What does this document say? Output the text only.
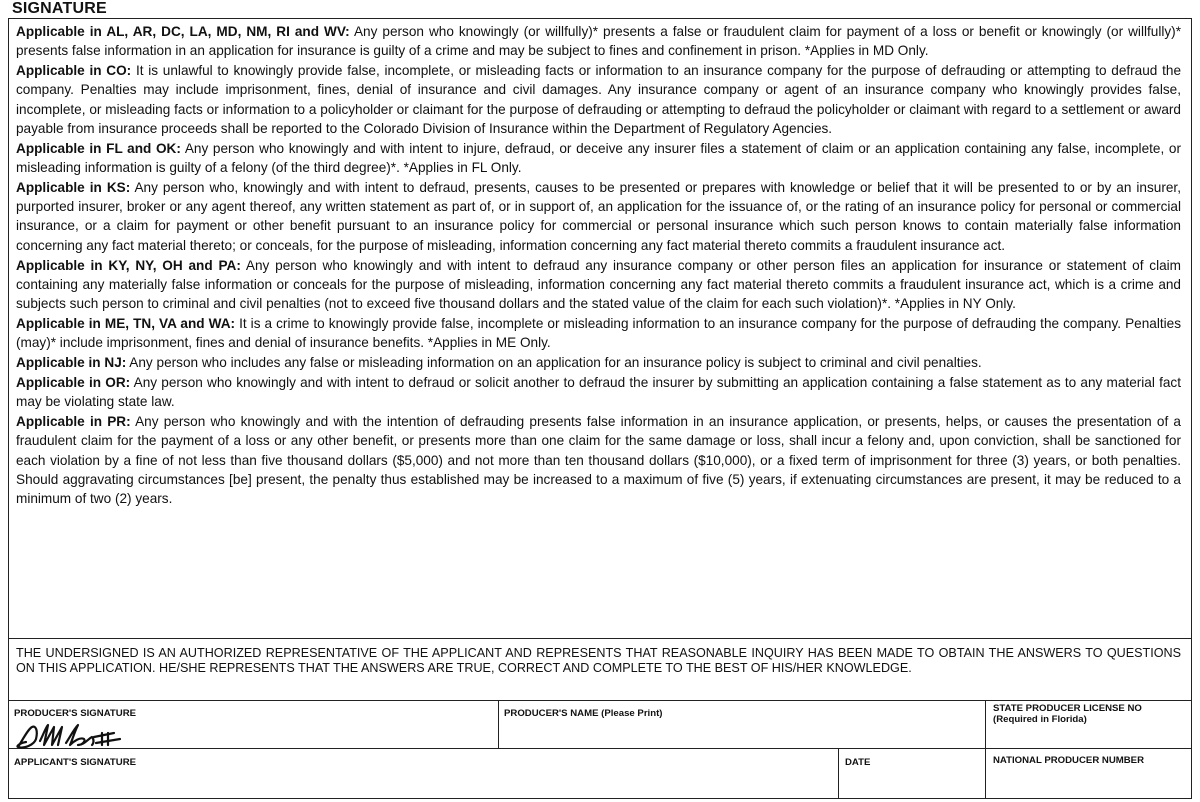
SIGNATURE

Applicable in AL, AR, DC, LA, MD, NM, RI and WV: Any person who knowingly (or willfully)* presents a false or fraudulent claim for payment of a loss or benefit or knowingly (or willfully)* presents false information in an application for insurance is guilty of a crime and may be subject to fines and confinement in prison. *Applies in MD Only.

Applicable in CO: It is unlawful to knowingly provide false, incomplete, or misleading facts or information to an insurance company for the purpose of defrauding or attempting to defraud the company. Penalties may include imprisonment, fines, denial of insurance and civil damages. Any insurance company or agent of an insurance company who knowingly provides false, incomplete, or misleading facts or information to a policyholder or claimant for the purpose of defrauding or attempting to defraud the policyholder or claimant with regard to a settlement or award payable from insurance proceeds shall be reported to the Colorado Division of Insurance within the Department of Regulatory Agencies.

Applicable in FL and OK: Any person who knowingly and with intent to injure, defraud, or deceive any insurer files a statement of claim or an application containing any false, incomplete, or misleading information is guilty of a felony (of the third degree)*. *Applies in FL Only.

Applicable in KS: Any person who, knowingly and with intent to defraud, presents, causes to be presented or prepares with knowledge or belief that it will be presented to or by an insurer, purported insurer, broker or any agent thereof, any written statement as part of, or in support of, an application for the issuance of, or the rating of an insurance policy for personal or commercial insurance, or a claim for payment or other benefit pursuant to an insurance policy for commercial or personal insurance which such person knows to contain materially false information concerning any fact material thereto; or conceals, for the purpose of misleading, information concerning any fact material thereto commits a fraudulent insurance act.

Applicable in KY, NY, OH and PA: Any person who knowingly and with intent to defraud any insurance company or other person files an application for insurance or statement of claim containing any materially false information or conceals for the purpose of misleading, information concerning any fact material thereto commits a fraudulent insurance act, which is a crime and subjects such person to criminal and civil penalties (not to exceed five thousand dollars and the stated value of the claim for each such violation)*. *Applies in NY Only.

Applicable in ME, TN, VA and WA: It is a crime to knowingly provide false, incomplete or misleading information to an insurance company for the purpose of defrauding the company. Penalties (may)* include imprisonment, fines and denial of insurance benefits. *Applies in ME Only.

Applicable in NJ: Any person who includes any false or misleading information on an application for an insurance policy is subject to criminal and civil penalties.

Applicable in OR: Any person who knowingly and with intent to defraud or solicit another to defraud the insurer by submitting an application containing a false statement as to any material fact may be violating state law.

Applicable in PR: Any person who knowingly and with the intention of defrauding presents false information in an insurance application, or presents, helps, or causes the presentation of a fraudulent claim for the payment of a loss or any other benefit, or presents more than one claim for the same damage or loss, shall incur a felony and, upon conviction, shall be sanctioned for each violation by a fine of not less than five thousand dollars ($5,000) and not more than ten thousand dollars ($10,000), or a fixed term of imprisonment for three (3) years, or both penalties. Should aggravating circumstances [be] present, the penalty thus established may be increased to a maximum of five (5) years, if extenuating circumstances are present, it may be reduced to a minimum of two (2) years.

THE UNDERSIGNED IS AN AUTHORIZED REPRESENTATIVE OF THE APPLICANT AND REPRESENTS THAT REASONABLE INQUIRY HAS BEEN MADE TO OBTAIN THE ANSWERS TO QUESTIONS ON THIS APPLICATION. HE/SHE REPRESENTS THAT THE ANSWERS ARE TRUE, CORRECT AND COMPLETE TO THE BEST OF HIS/HER KNOWLEDGE.
PRODUCER'S SIGNATURE	PRODUCER'S NAME (Please Print)	STATE PRODUCER LICENSE NO
(Required in Florida)
APPLICANT'S SIGNATURE	DATE	NATIONAL PRODUCER NUMBER
